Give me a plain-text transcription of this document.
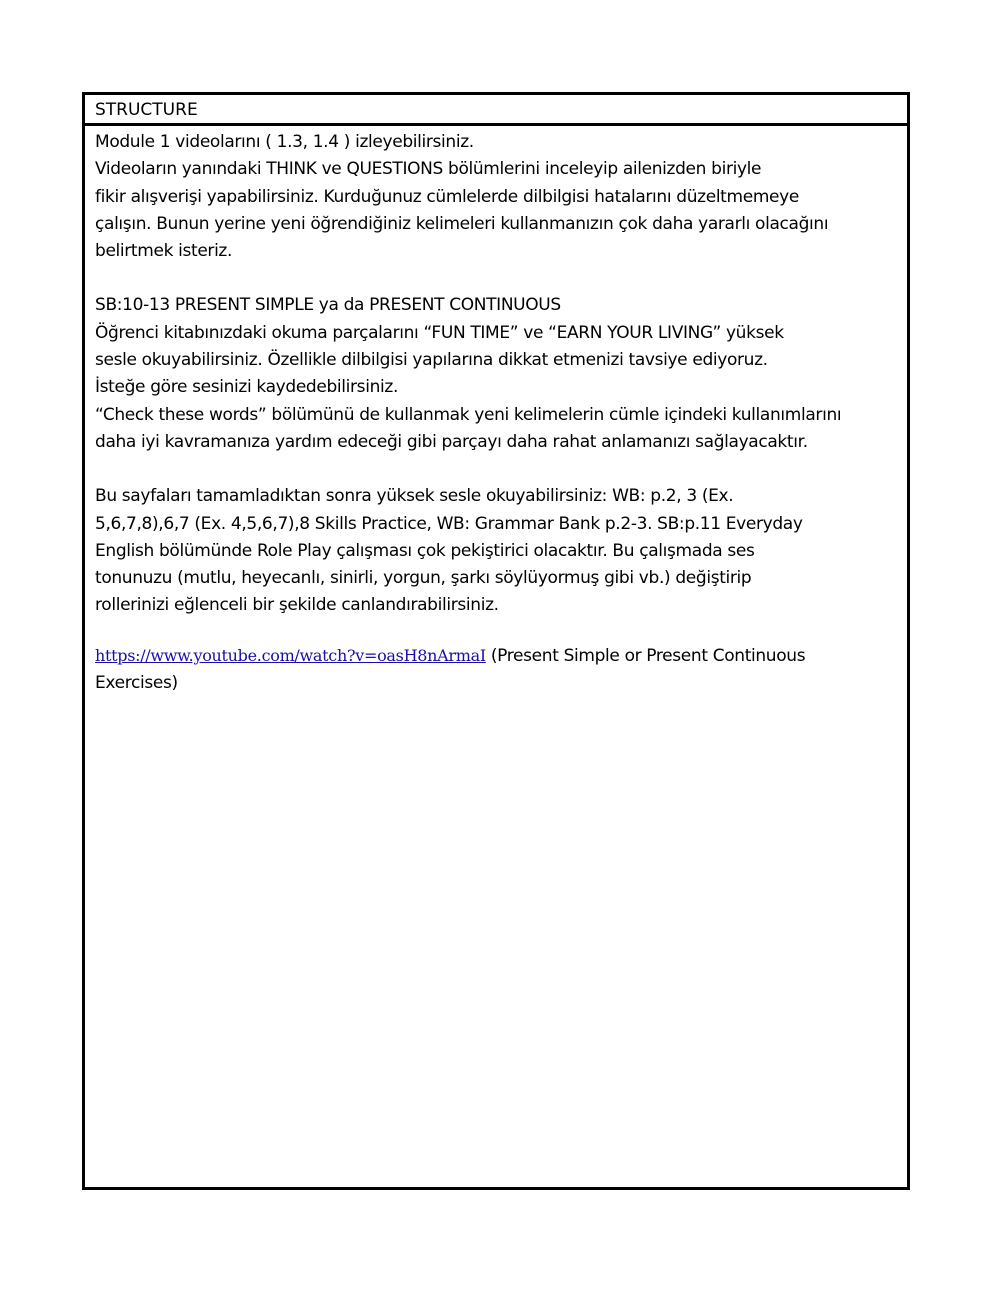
STRUCTURE
Module 1 videolarını ( 1.3, 1.4 ) izleyebilirsiniz.
Videoların yanındaki THINK ve QUESTIONS bölümlerini inceleyip ailenizden biriyle
fikir alışverişi yapabilirsiniz. Kurduğunuz cümlelerde dilbilgisi hatalarını düzeltmemeye
çalışın. Bunun yerine yeni öğrendiğiniz kelimeleri kullanmanızın çok daha yararlı olacağını
belirtmek isteriz.
SB:10-13 PRESENT SIMPLE ya da PRESENT CONTINUOUS
Öğrenci kitabınızdaki okuma parçalarını “FUN TIME” ve “EARN YOUR LIVING” yüksek
sesle okuyabilirsiniz. Özellikle dilbilgisi yapılarına dikkat etmenizi tavsiye ediyoruz.
İsteğe göre sesinizi kaydedebilirsiniz.
“Check these words” bölümünü de kullanmak yeni kelimelerin cümle içindeki kullanımlarını
daha iyi kavramanıza yardım edeceği gibi parçayı daha rahat anlamanızı sağlayacaktır.
Bu sayfaları tamamladıktan sonra yüksek sesle okuyabilirsiniz: WB: p.2, 3 (Ex.
5,6,7,8),6,7 (Ex. 4,5,6,7),8 Skills Practice, WB: Grammar Bank p.2-3. SB:p.11 Everyday
English bölümünde Role Play çalışması çok pekiştirici olacaktır. Bu çalışmada ses
tonunuzu (mutlu, heyecanlı, sinirli, yorgun, şarkı söylüyormuş gibi vb.) değiştirip
rollerinizi eğlenceli bir şekilde canlandırabilirsiniz.
https://www.youtube.com/watch?v=oasH8nArmaI (Present Simple or Present Continuous
Exercises)
